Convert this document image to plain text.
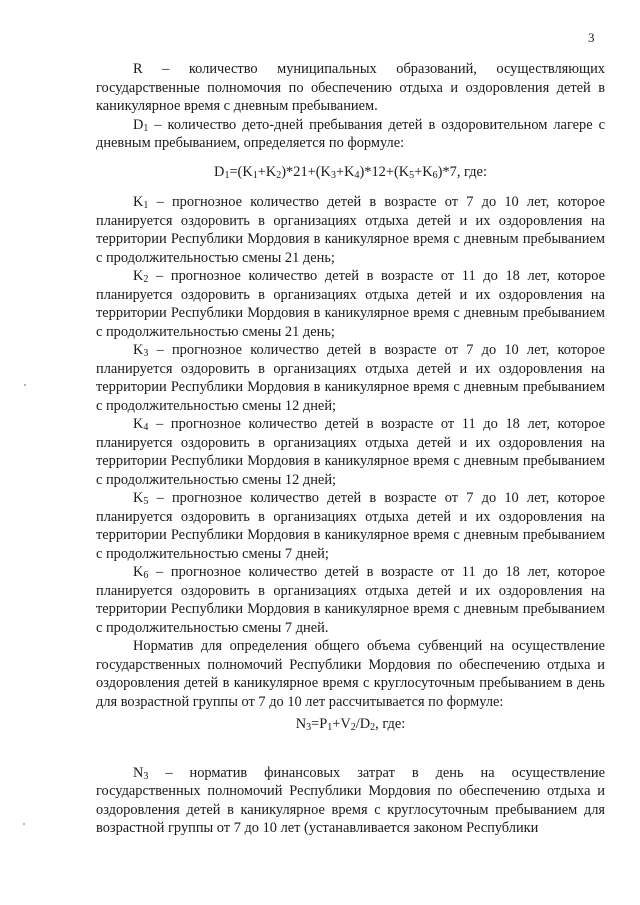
3

R – количество муниципальных образований, осуществляющих государственные полномочия по обеспечению отдыха и оздоровления детей в каникулярное время с дневным пребыванием.

$D_1$ – количество дето-дней пребывания детей в оздоровительном лагере с дневным пребыванием, определяется по формуле:

$D_1=(K_1+K_2)*21+(K_3+K_4)*12+(K_5+K_6)*7$, где:

$K_1$ – прогнозное количество детей в возрасте от 7 до 10 лет, которое планируется оздоровить в организациях отдыха детей и их оздоровления на территории Республики Мордовия в каникулярное время с дневным пребыванием с продолжительностью смены 21 день;

$K_2$ – прогнозное количество детей в возрасте от 11 до 18 лет, которое планируется оздоровить в организациях отдыха детей и их оздоровления на территории Республики Мордовия в каникулярное время с дневным пребыванием с продолжительностью смены 21 день;

$K_3$ – прогнозное количество детей в возрасте от 7 до 10 лет, которое планируется оздоровить в организациях отдыха детей и их оздоровления на территории Республики Мордовия в каникулярное время с дневным пребыванием с продолжительностью смены 12 дней;

$K_4$ – прогнозное количество детей в возрасте от 11 до 18 лет, которое планируется оздоровить в организациях отдыха детей и их оздоровления на территории Республики Мордовия в каникулярное время с дневным пребыванием с продолжительностью смены 12 дней;

$K_5$ – прогнозное количество детей в возрасте от 7 до 10 лет, которое планируется оздоровить в организациях отдыха детей и их оздоровления на территории Республики Мордовия в каникулярное время с дневным пребыванием с продолжительностью смены 7 дней;

$K_6$ – прогнозное количество детей в возрасте от 11 до 18 лет, которое планируется оздоровить в организациях отдыха детей и их оздоровления на территории Республики Мордовия в каникулярное время с дневным пребыванием с продолжительностью смены 7 дней.

Норматив для определения общего объема субвенций на осуществление государственных полномочий Республики Мордовия по обеспечению отдыха и оздоровления детей в каникулярное время с круглосуточным пребыванием в день для возрастной группы от 7 до 10 лет рассчитывается по формуле:

$N_3=P_1+V_2/D_2$, где:

$N_3$ – норматив финансовых затрат в день на осуществление государственных полномочий Республики Мордовия по обеспечению отдыха и оздоровления детей в каникулярное время с круглосуточным пребыванием для возрастной группы от 7 до 10 лет (устанавливается законом Республики
